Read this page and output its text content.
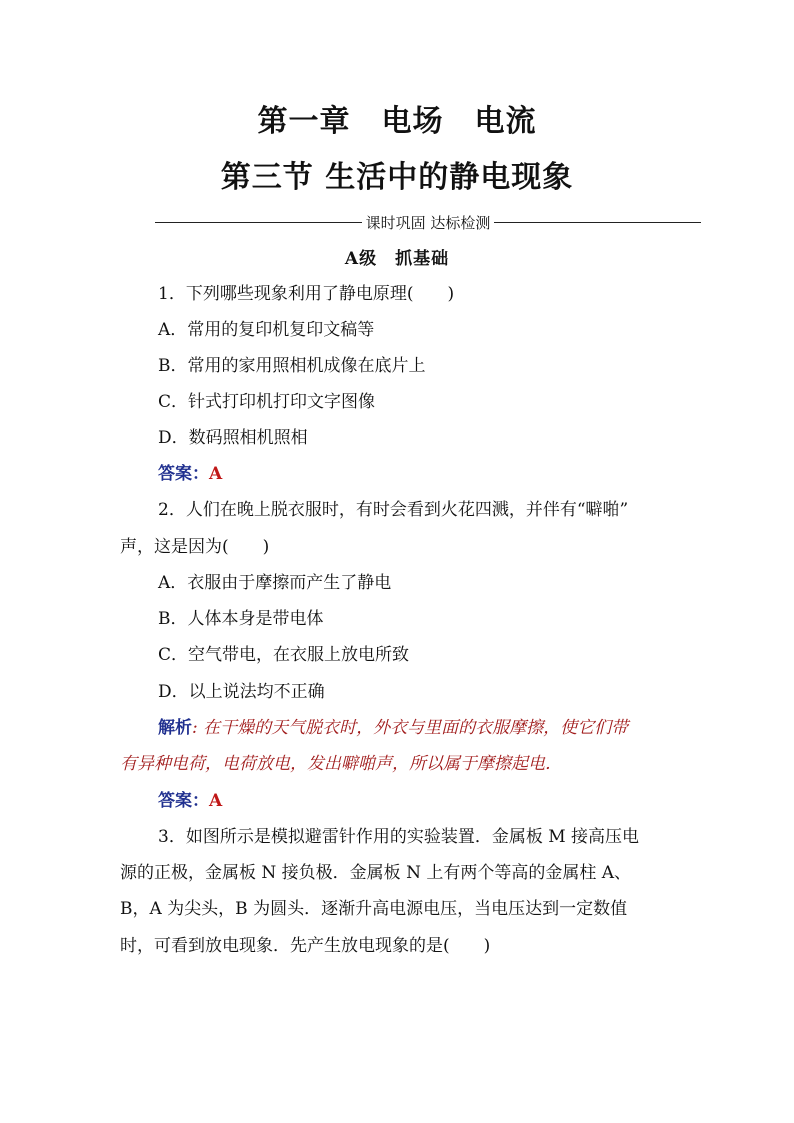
第一章　电场　电流
第三节 生活中的静电现象
课时巩固 达标检测
A级　抓基础
1．下列哪些现象利用了静电原理(　　)
A．常用的复印机复印文稿等
B．常用的家用照相机成像在底片上
C．针式打印机打印文字图像
D．数码照相机照相
答案：A
2．人们在晚上脱衣服时，有时会看到火花四溅，并伴有“噼啪”
声，这是因为(　　)
A．衣服由于摩擦而产生了静电
B．人体本身是带电体
C．空气带电，在衣服上放电所致
D．以上说法均不正确
解析: 在干燥的天气脱衣时，外衣与里面的衣服摩擦，使它们带
有异种电荷，电荷放电，发出噼啪声，所以属于摩擦起电．
答案：A
3．如图所示是模拟避雷针作用的实验装置．金属板 M 接高压电
源的正极，金属板 N 接负极．金属板 N 上有两个等高的金属柱 A、
B，A 为尖头，B 为圆头．逐渐升高电源电压，当电压达到一定数值
时，可看到放电现象．先产生放电现象的是(　　)
